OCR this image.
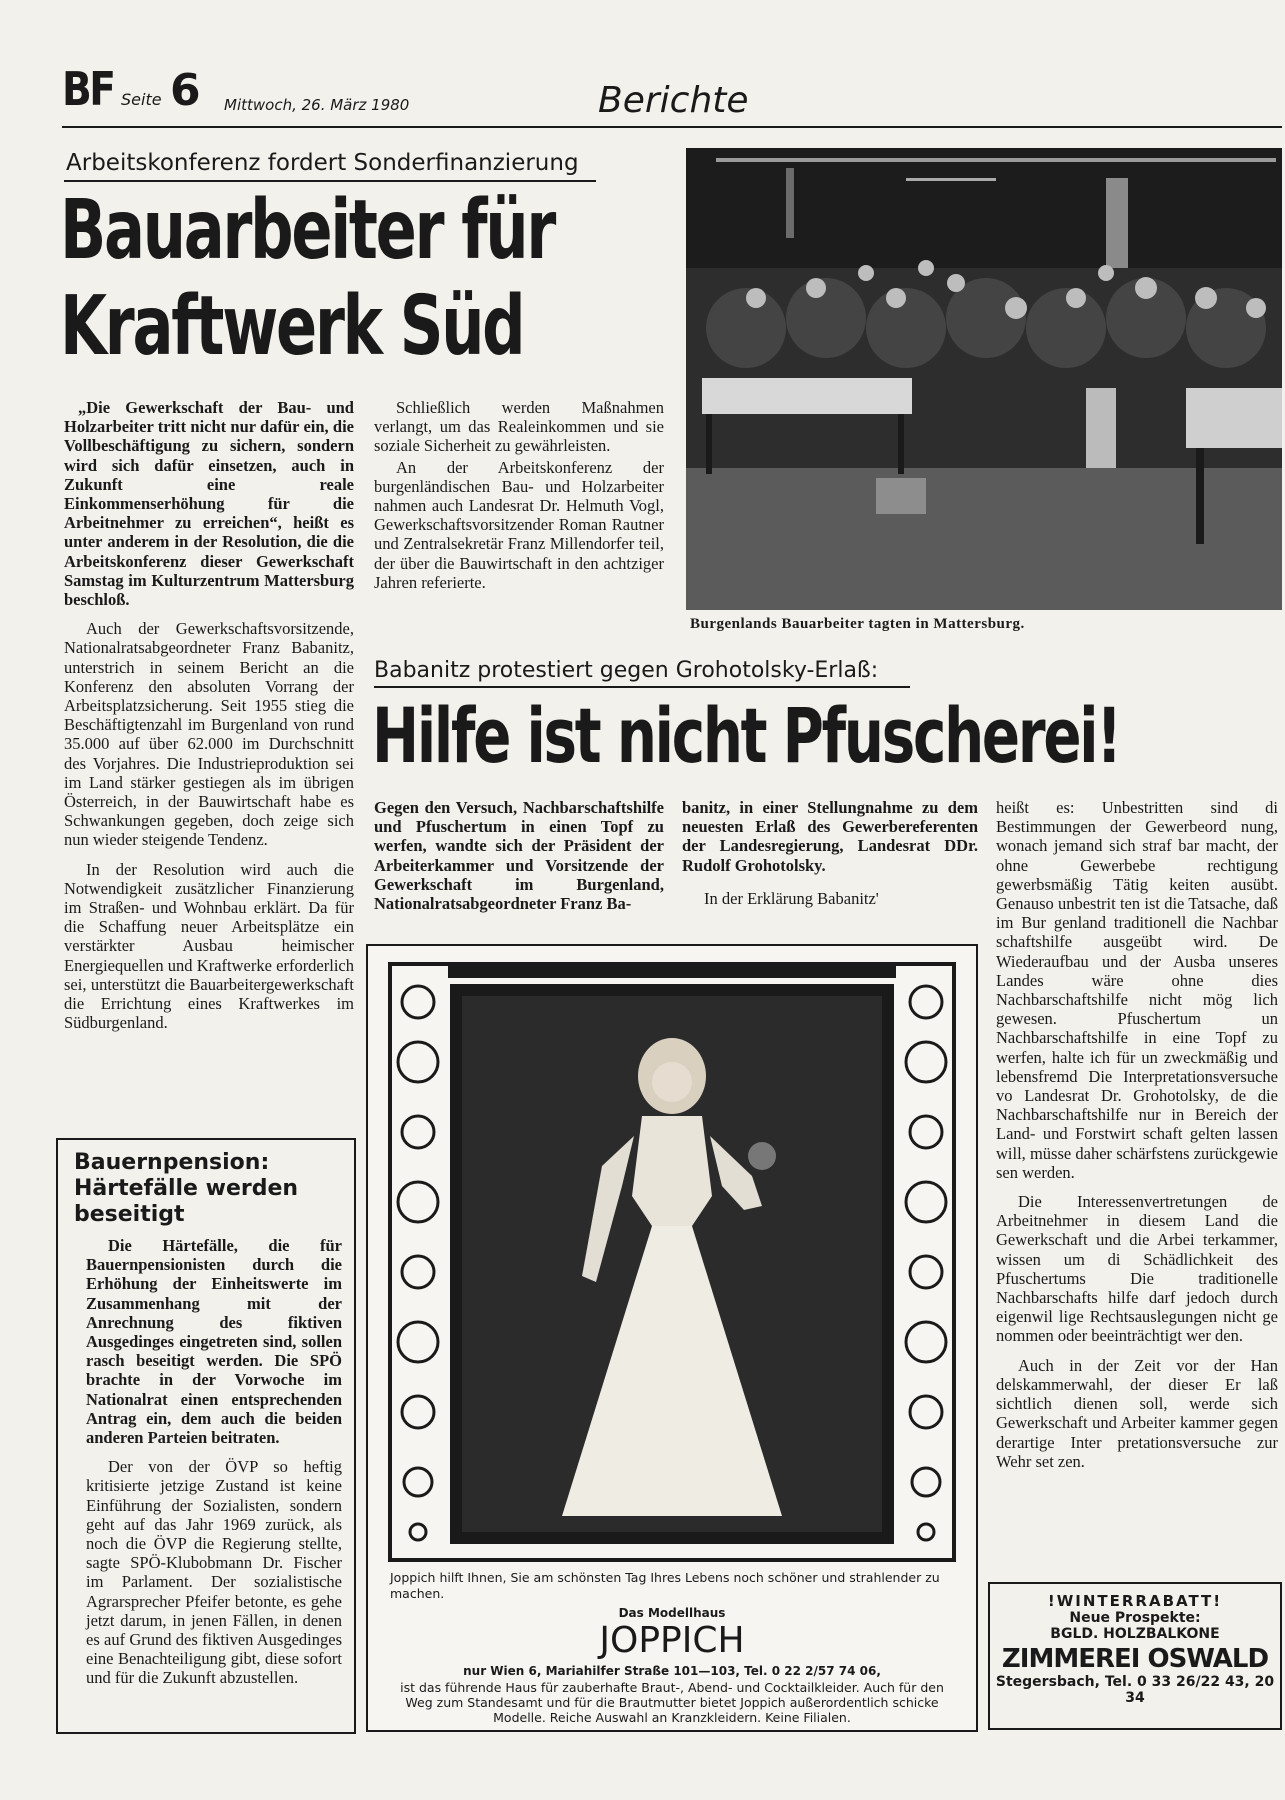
BF Seite 6 Mittwoch, 26. März 1980	Berichte
Arbeitskonferenz fordert Sonderfinanzierung
Bauarbeiter für
Kraftwerk Süd

„Die Gewerkschaft der Bau- und Holzarbeiter tritt nicht nur dafür ein, die Vollbeschäftigung zu sichern, sondern wird sich dafür einsetzen, auch in Zukunft eine reale Einkommenserhöhung für die Arbeitnehmer zu erreichen“, heißt es unter anderem in der Resolution, die die Arbeitskonferenz dieser Gewerkschaft Samstag im Kulturzentrum Mattersburg beschloß.

Auch der Gewerkschaftsvorsitzende, Nationalratsabgeordneter Franz Babanitz, unterstrich in seinem Bericht an die Konferenz den absoluten Vorrang der Arbeitsplatzsicherung. Seit 1955 stieg die Beschäftigtenzahl im Burgenland von rund 35.000 auf über 62.000 im Durchschnitt des Vorjahres. Die Industrieproduktion sei im Land stärker gestiegen als im übrigen Österreich, in der Bauwirtschaft habe es Schwankungen gegeben, doch zeige sich nun wieder steigende Tendenz.

In der Resolution wird auch die Notwendigkeit zusätzlicher Finanzierung im Straßen- und Wohnbau erklärt. Da für die Schaffung neuer Arbeitsplätze ein verstärkter Ausbau heimischer Energiequellen und Kraftwerke erforderlich sei, unterstützt die Bauarbeitergewerkschaft die Errichtung eines Kraftwerkes im Südburgenland.

Schließlich werden Maßnahmen verlangt, um das Realeinkommen und sie soziale Sicherheit zu gewährleisten.

An der Arbeitskonferenz der burgenländischen Bau- und Holzarbeiter nahmen auch Landesrat Dr. Helmuth Vogl, Gewerkschaftsvorsitzender Roman Rautner und Zentralsekretär Franz Millendorfer teil, der über die Bauwirtschaft in den achtziger Jahren referierte.

Burgenlands Bauarbeiter tagten in Mattersburg.
Babanitz protestiert gegen Grohotolsky-Erlaß:
Hilfe ist nicht Pfuscherei!
Gegen den Versuch, Nachbarschaftshilfe und Pfuschertum in einen Topf zu werfen, wandte sich der Präsident der Arbeiterkammer und Vorsitzende der Gewerkschaft im Burgenland, Nationalratsabgeordneter Franz Ba-

banitz, in einer Stellungnahme zu dem neuesten Erlaß des Gewerbereferenten der Landesregierung, Landesrat DDr. Rudolf Grohotolsky.

In der Erklärung Babanitz'

heißt es: Unbestritten sind di Bestimmungen der Gewerbeord nung, wonach jemand sich straf bar macht, der ohne Gewerbebe rechtigung gewerbsmäßig Tätig keiten ausübt. Genauso unbestrit ten ist die Tatsache, daß im Bur genland traditionell die Nachbar schaftshilfe ausgeübt wird. De Wiederaufbau und der Ausba unseres Landes wäre ohne dies Nachbarschaftshilfe nicht mög lich gewesen. Pfuschertum un Nachbarschaftshilfe in eine Topf zu werfen, halte ich für un zweckmäßig und lebensfremd Die Interpretationsversuche vo Landesrat Dr. Grohotolsky, de die Nachbarschaftshilfe nur in Bereich der Land- und Forstwirt schaft gelten lassen will, müsse daher schärfstens zurückgewie sen werden.

Die Interessenvertretungen de Arbeitnehmer in diesem Land die Gewerkschaft und die Arbei terkammer, wissen um di Schädlichkeit des Pfuschertums Die traditionelle Nachbarschafts hilfe darf jedoch durch eigenwil lige Rechtsauslegungen nicht ge nommen oder beeinträchtigt wer den.

Auch in der Zeit vor der Han delskammerwahl, der dieser Er laß sichtlich dienen soll, werde sich Gewerkschaft und Arbeiter kammer gegen derartige Inter pretationsversuche zur Wehr set zen.

Bauernpension: Härtefälle werden beseitigt

Die Härtefälle, die für Bauernpensionisten durch die Erhöhung der Einheitswerte im Zusammenhang mit der Anrechnung des fiktiven Ausgedinges eingetreten sind, sollen rasch beseitigt werden. Die SPÖ brachte in der Vorwoche im Nationalrat einen entsprechenden Antrag ein, dem auch die beiden anderen Parteien beitraten.

Der von der ÖVP so heftig kritisierte jetzige Zustand ist keine Einführung der Sozialisten, sondern geht auf das Jahr 1969 zurück, als noch die ÖVP die Regierung stellte, sagte SPÖ-Klubobmann Dr. Fischer im Parlament. Der sozialistische Agrarsprecher Pfeifer betonte, es gehe jetzt darum, in jenen Fällen, in denen es auf Grund des fiktiven Ausgedinges eine Benachteiligung gibt, diese sofort und für die Zukunft abzustellen.

Joppich hilft Ihnen, Sie am schönsten Tag Ihres Lebens noch schöner und strahlender zu machen.
Das Modellhaus
JOPPICH
nur Wien 6, Mariahilfer Straße 101—103, Tel. 0 22 2/57 74 06,
ist das führende Haus für zauberhafte Braut-, Abend- und Cocktailkleider. Auch für den Weg zum Standesamt und für die Brautmutter bietet Joppich außerordentlich schicke Modelle. Reiche Auswahl an Kranzkleidern. Keine Filialen.
!WINTERRABATT!
Neue Prospekte:
BGLD. HOLZBALKONE
ZIMMEREI OSWALD
Stegersbach, Tel. 0 33 26/22 43, 20 34
